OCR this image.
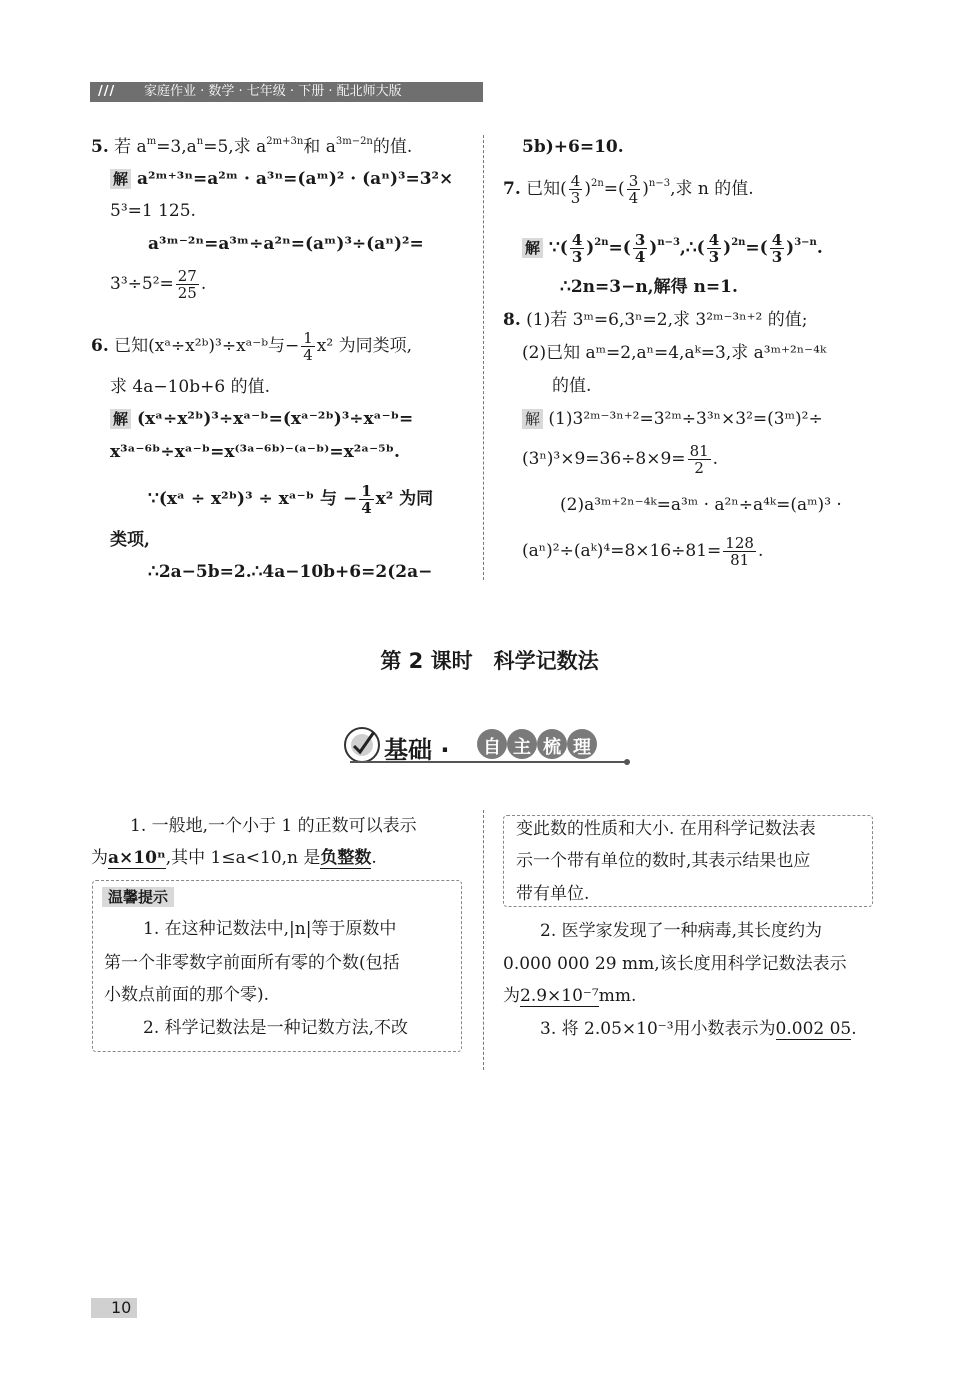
/// 家庭作业 · 数学 · 七年级 · 下册 · 配北师大版
5. 若 $a^m=3,a^n=5$,求 $a^{2m+3n}$和 $a^{3m-2n}$的值.
解 a²ᵐ⁺³ⁿ=a²ᵐ · a³ⁿ=(aᵐ)² · (aⁿ)³=3²×
5³=1 125.
a³ᵐ⁻²ⁿ=a³ᵐ÷a²ⁿ=(aᵐ)³÷(aⁿ)²=
$3^3\div 5^2= \frac{27}{25}$ .
6. 已知(xᵃ÷x²ᵇ)³÷xᵃ⁻ᵇ与− $\frac{1}{4} x^2$ 为同类项,
求 4a−10b+6 的值.
解 (xᵃ÷x²ᵇ)³÷xᵃ⁻ᵇ=(xᵃ⁻²ᵇ)³÷xᵃ⁻ᵇ=
x³ᵃ⁻⁶ᵇ÷xᵃ⁻ᵇ=x⁽³ᵃ⁻⁶ᵇ⁾⁻⁽ᵃ⁻ᵇ⁾=x²ᵃ⁻⁵ᵇ.
∵(xᵃ ÷ x²ᵇ)³ ÷ xᵃ⁻ᵇ 与 − $\frac{1}{4} x^2$ 为同
类项,
∴2a−5b=2.∴4a−10b+6=2(2a−
5b)+6=10.
7. 已知( $\frac{4}{3} )^{2n}=( \frac{3}{4} )^{n-3}$,求 n 的值.
解 ∵( $\frac{4}{3} )^{2n}=( \frac{3}{4}$ )$^{n-3},\therefore( \frac{4}{3} )^{2n}=( \frac{4}{3} )^{3-n}$.
∴2n=3−n,解得 n=1.
8. (1)若 3ᵐ=6,3ⁿ=2,求 3²ᵐ⁻³ⁿ⁺² 的值;
(2)已知 aᵐ=2,aⁿ=4,aᵏ=3,求 a³ᵐ⁺²ⁿ⁻⁴ᵏ
的值.
解 (1)3²ᵐ⁻³ⁿ⁺²=3²ᵐ÷3³ⁿ×3²=(3ᵐ)²÷
$(3^n)^3\times 9=36\div 8\times 9= \frac{81}{2}$ .
(2)a³ᵐ⁺²ⁿ⁻⁴ᵏ=a³ᵐ · a²ⁿ÷a⁴ᵏ=(aᵐ)³ ·
(aⁿ)²÷(aᵏ)⁴=8×16÷81= $\frac{128}{81}$ .
第 2 课时　科学记数法
基础 · 自 主 梳 理
1. 一般地,一个小于 1 的正数可以表示
为a×10ⁿ,其中 1≤a<10,n 是负整数.
温馨提示
1. 在这种记数法中,|n|等于原数中
第一个非零数字前面所有零的个数(包括
小数点前面的那个零).
2. 科学记数法是一种记数方法,不改
变此数的性质和大小. 在用科学记数法表
示一个带有单位的数时,其表示结果也应
带有单位.
2. 医学家发现了一种病毒,其长度约为
0.000 000 29 mm,该长度用科学记数法表示
为2.9×10⁻⁷mm.
3. 将 2.05×10⁻³用小数表示为0.002 05.
10
